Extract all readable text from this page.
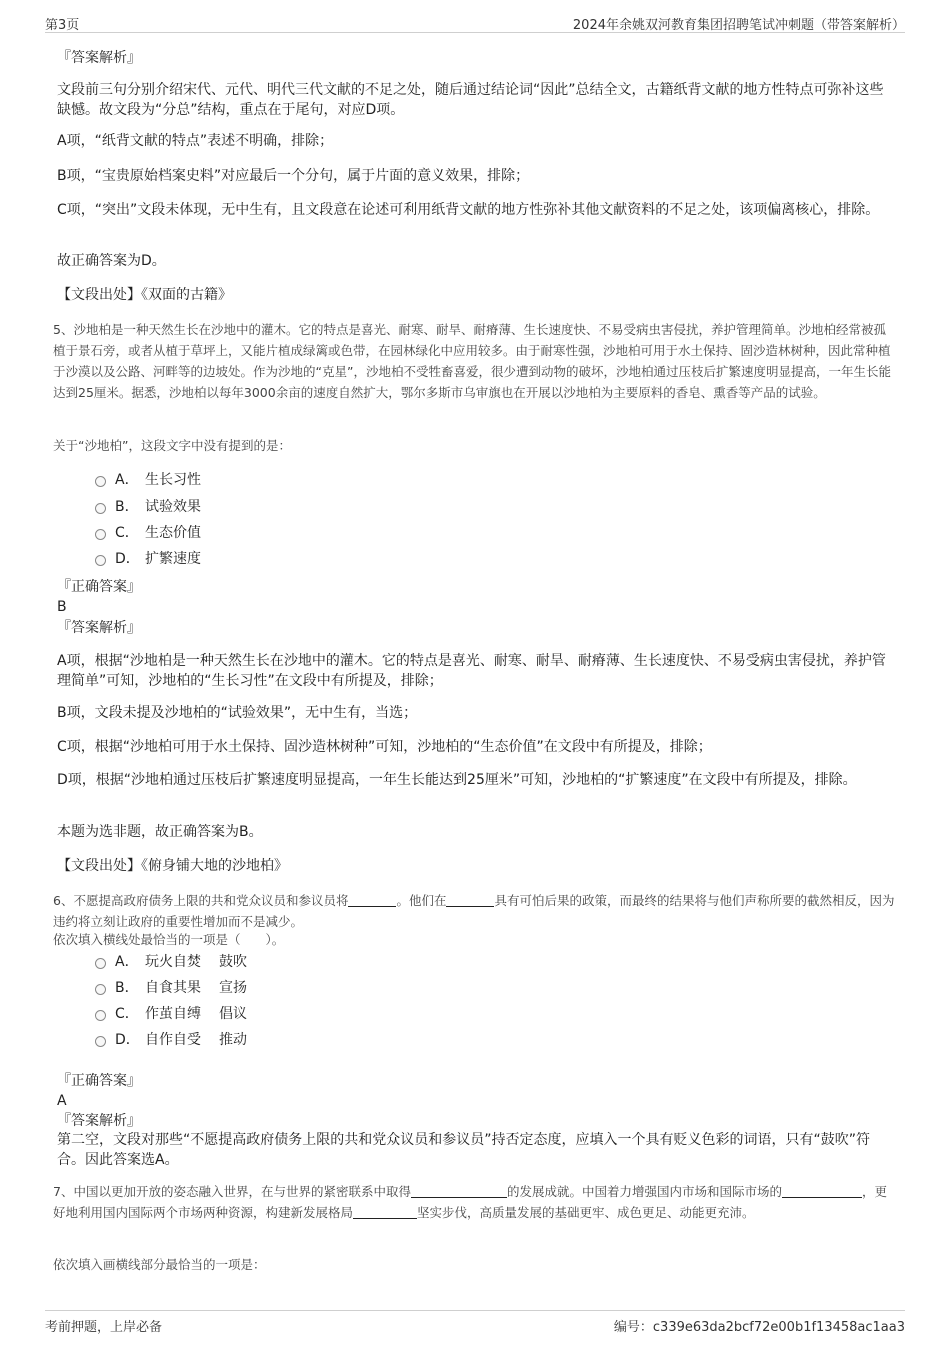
第3页	2024年余姚双河教育集团招聘笔试冲刺题（带答案解析）
『答案解析』
文段前三句分别介绍宋代、元代、明代三代文献的不足之处，随后通过结论词“因此”总结全文，古籍纸背文献的地方性特点可弥补这些缺憾。故文段为“分总”结构，重点在于尾句，对应D项。
A项，“纸背文献的特点”表述不明确，排除；
B项，“宝贵原始档案史料”对应最后一个分句，属于片面的意义效果，排除；
C项，“突出”文段未体现，无中生有，且文段意在论述可利用纸背文献的地方性弥补其他文献资料的不足之处，该项偏离核心，排除。
故正确答案为D。
【文段出处】《双面的古籍》
5、沙地柏是一种天然生长在沙地中的灌木。它的特点是喜光、耐寒、耐旱、耐瘠薄、生长速度快、不易受病虫害侵扰，养护管理简单。沙地柏经常被孤植于景石旁，或者从植于草坪上，又能片植成绿篱或色带，在园林绿化中应用较多。由于耐寒性强，沙地柏可用于水土保持、固沙造林树种，因此常种植于沙漠以及公路、河畔等的边坡处。作为沙地的“克星”，沙地柏不受牲畜喜爱，很少遭到动物的破坏，沙地柏通过压枝后扩繁速度明显提高，一年生长能达到25厘米。据悉，沙地柏以每年3000余亩的速度自然扩大，鄂尔多斯市乌审旗也在开展以沙地柏为主要原料的香皂、熏香等产品的试验。
关于“沙地柏”，这段文字中没有提到的是：
A． 生长习性
B． 试验效果
C． 生态价值
D． 扩繁速度
『正确答案』
B
『答案解析』
A项，根据“沙地柏是一种天然生长在沙地中的灌木。它的特点是喜光、耐寒、耐旱、耐瘠薄、生长速度快、不易受病虫害侵扰，养护管理简单”可知，沙地柏的“生长习性”在文段中有所提及，排除；
B项，文段未提及沙地柏的“试验效果”，无中生有，当选；
C项，根据“沙地柏可用于水土保持、固沙造林树种”可知，沙地柏的“生态价值”在文段中有所提及，排除；
D项，根据“沙地柏通过压枝后扩繁速度明显提高，一年生长能达到25厘米”可知，沙地柏的“扩繁速度”在文段中有所提及，排除。
本题为选非题，故正确答案为B。
【文段出处】《俯身铺大地的沙地柏》
6、不愿提高政府债务上限的共和党众议员和参议员将	。他们在	具有可怕后果的政策，而最终的结果将与他们声称所要的截然相反，因为违约将立刻让政府的重要性增加而不是减少。
依次填入横线处最恰当的一项是（　　）。
A． 玩火自焚 鼓吹
B． 自食其果 宣扬
C． 作茧自缚 倡议
D． 自作自受 推动
『正确答案』
A
『答案解析』
第二空，文段对那些“不愿提高政府债务上限的共和党众议员和参议员”持否定态度，应填入一个具有贬义色彩的词语，只有“鼓吹”符合。因此答案选A。
7、中国以更加开放的姿态融入世界，在与世界的紧密联系中取得	的发展成就。中国着力增强国内市场和国际市场的	，更好地利用国内国际两个市场两种资源，构建新发展格局	坚实步伐，高质量发展的基础更牢、成色更足、动能更充沛。
依次填入画横线部分最恰当的一项是：
考前押题，上岸必备	编号：c339e63da2bcf72e00b1f13458ac1aa3
